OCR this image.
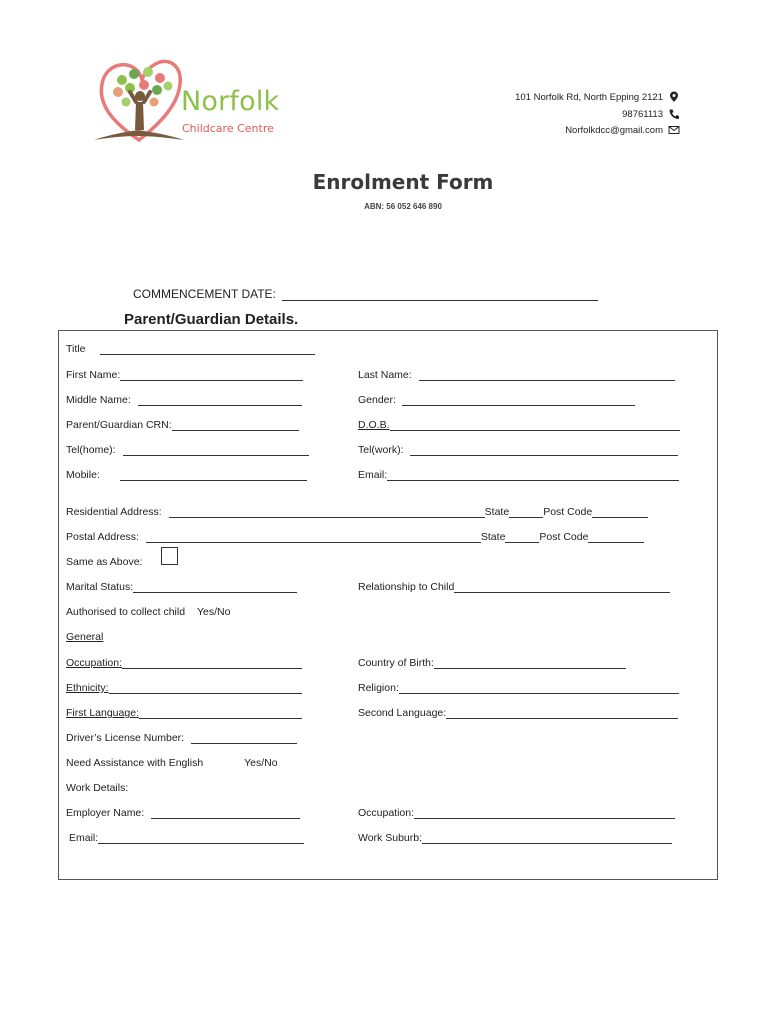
Norfolk
Childcare Centre
101 Norfolk Rd, North Epping 2121
98761113
Norfolkdcc@gmail.com
Enrolment Form
ABN: 56 052 646 890
COMMENCEMENT DATE:
Parent/Guardian Details.
Title
First Name:	Last Name:
Middle Name:	Gender:
Parent/Guardian CRN:	D.O.B.
Tel(home):	Tel(work):
Mobile:	Email:
Residential Address:	State	Post Code
Postal Address:	State	Post Code
Same as Above:
Marital Status:	Relationship to Child
Authorised to collect child Yes/No
General
Occupation:	Country of Birth:
Ethnicity:	Religion:
First Language:	Second Language:
Driver’s License Number:
Need Assistance with English	Yes/No
Work Details:
Employer Name:	Occupation:
Email:	Work Suburb:
